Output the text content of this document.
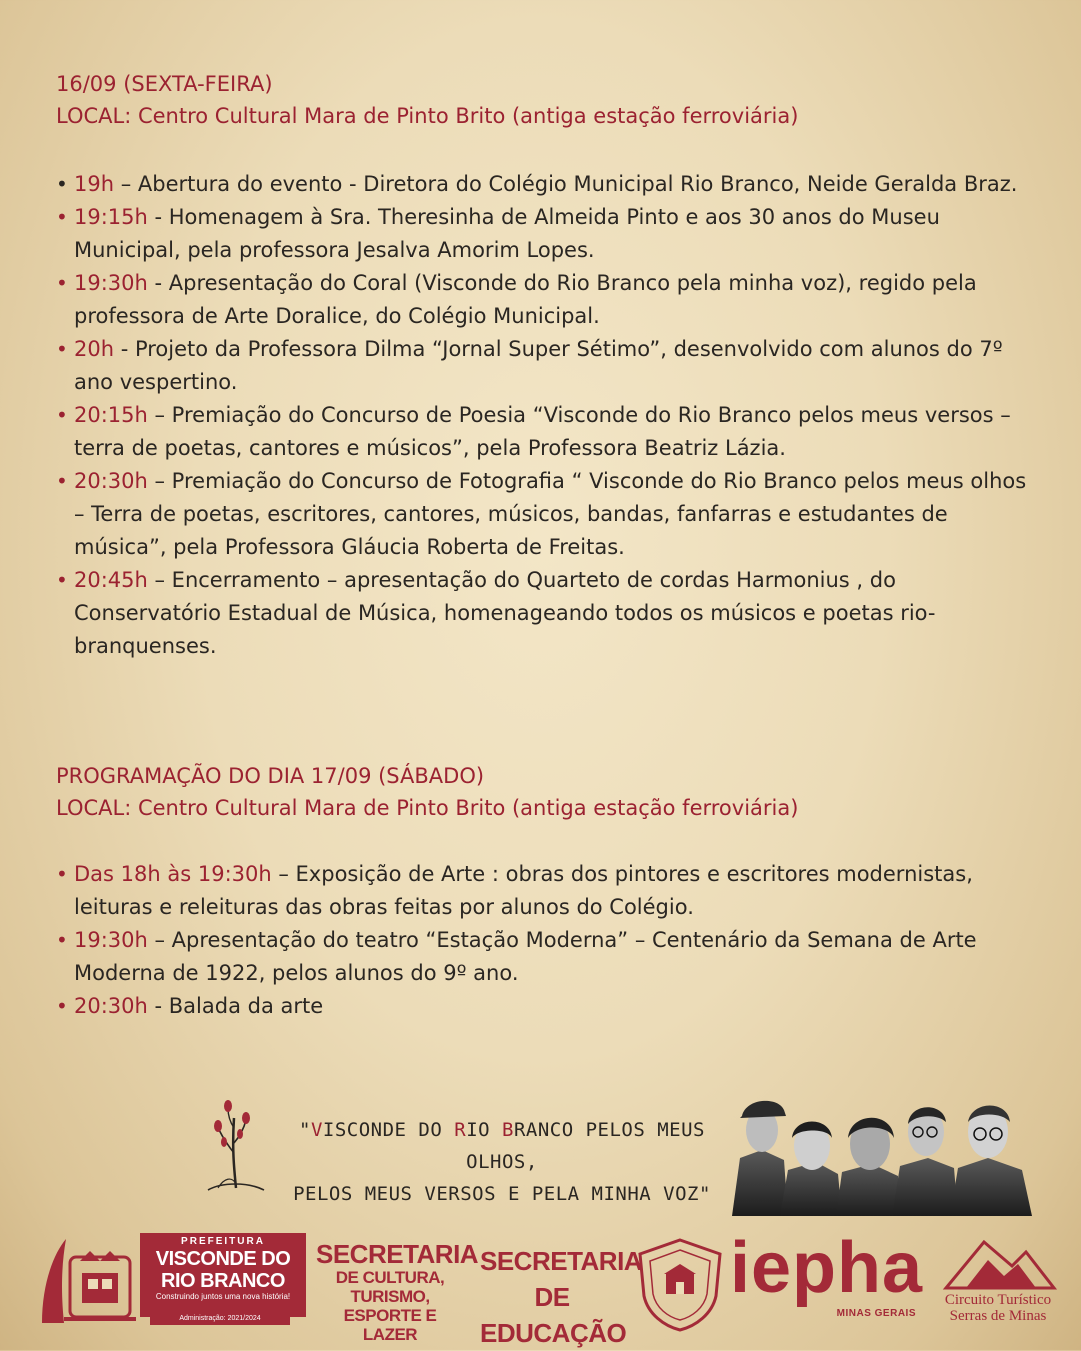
16/09 (SEXTA-FEIRA)
LOCAL: Centro Cultural Mara de Pinto Brito (antiga estação ferroviária)
• 19h – Abertura do evento - Diretora do Colégio Municipal Rio Branco, Neide Geralda Braz.
• 19:15h - Homenagem à Sra. Theresinha de Almeida Pinto e aos 30 anos do Museu Municipal, pela professora Jesalva Amorim Lopes.
• 19:30h - Apresentação do Coral (Visconde do Rio Branco pela minha voz), regido pela professora de Arte Doralice, do Colégio Municipal.
• 20h - Projeto da Professora Dilma “Jornal Super Sétimo”, desenvolvido com alunos do 7º ano vespertino.
• 20:15h – Premiação do Concurso de Poesia “Visconde do Rio Branco pelos meus versos – terra de poetas, cantores e músicos”, pela Professora Beatriz Lázia.
• 20:30h – Premiação do Concurso de Fotografia “ Visconde do Rio Branco pelos meus olhos – Terra de poetas, escritores, cantores, músicos, bandas, fanfarras e estudantes de música”, pela Professora Gláucia Roberta de Freitas.
• 20:45h – Encerramento – apresentação do Quarteto de cordas Harmonius , do Conservatório Estadual de Música, homenageando todos os músicos e poetas rio-branquenses.
PROGRAMAÇÃO DO DIA 17/09 (SÁBADO)
LOCAL: Centro Cultural Mara de Pinto Brito (antiga estação ferroviária)
• Das 18h às 19:30h – Exposição de Arte : obras dos pintores e escritores modernistas, leituras e releituras das obras feitas por alunos do Colégio.
• 19:30h – Apresentação do teatro “Estação Moderna” – Centenário da Semana de Arte Moderna de 1922, pelos alunos do 9º ano.
• 20:30h - Balada da arte
"VISCONDE DO RIO BRANCO PELOS MEUS OLHOS,
PELOS MEUS VERSOS E PELA MINHA VOZ"
PREFEITURA
VISCONDE DO
RIO BRANCO
Construindo juntos uma nova história!
Administração: 2021/2024
SECRETARIA
DE CULTURA, TURISMO,
ESPORTE E LAZER
SECRETARIA
DE EDUCAÇÃO
iepha
MINAS GERAIS
Circuito Turístico
Serras de Minas
